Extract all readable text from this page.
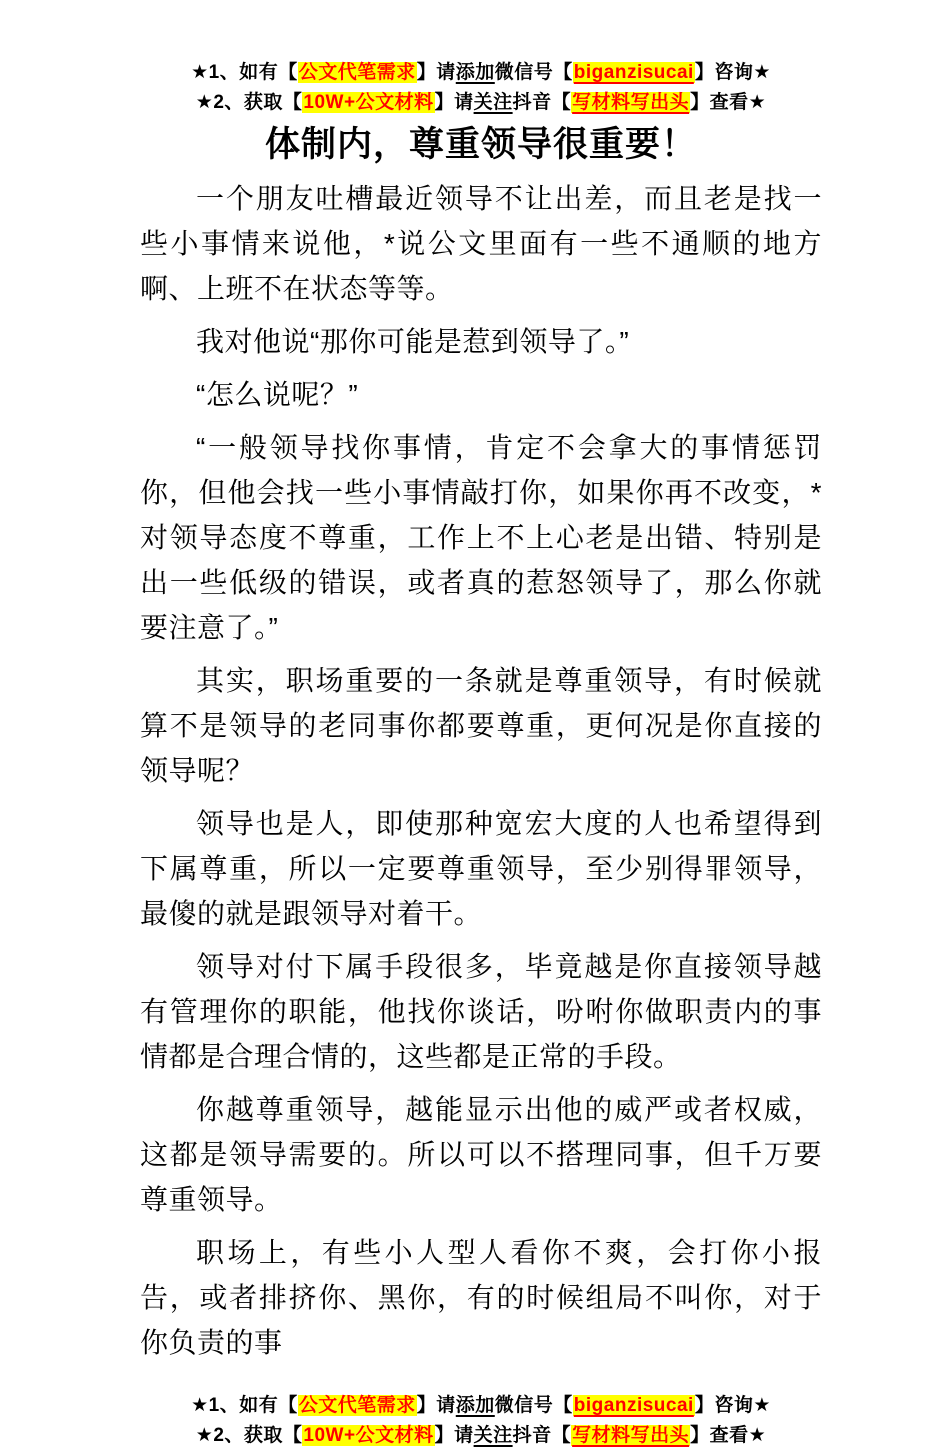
★1、如有【公文代笔需求】请添加微信号【biganzisucai】咨询★
★2、获取【10W+公文材料】请关注抖音【写材料写出头】查看★
体制内，尊重领导很重要！

一个朋友吐槽最近领导不让出差，而且老是找一些小事情来说他，*说公文里面有一些不通顺的地方啊、上班不在状态等等。

我对他说“那你可能是惹到领导了。”

“怎么说呢？”

“一般领导找你事情，肯定不会拿大的事情惩罚你，但他会找一些小事情敲打你，如果你再不改变，*对领导态度不尊重，工作上不上心老是出错、特别是出一些低级的错误，或者真的惹怒领导了，那么你就要注意了。”

其实，职场重要的一条就是尊重领导，有时候就算不是领导的老同事你都要尊重，更何况是你直接的领导呢？

领导也是人，即使那种宽宏大度的人也希望得到下属尊重，所以一定要尊重领导，至少别得罪领导，最傻的就是跟领导对着干。

领导对付下属手段很多，毕竟越是你直接领导越有管理你的职能，他找你谈话，吩咐你做职责内的事情都是合理合情的，这些都是正常的手段。

你越尊重领导，越能显示出他的威严或者权威，这都是领导需要的。所以可以不搭理同事，但千万要尊重领导。

职场上，有些小人型人看你不爽，会打你小报告，或者排挤你、黑你，有的时候组局不叫你，对于你负责的事

★1、如有【公文代笔需求】请添加微信号【biganzisucai】咨询★
★2、获取【10W+公文材料】请关注抖音【写材料写出头】查看★
